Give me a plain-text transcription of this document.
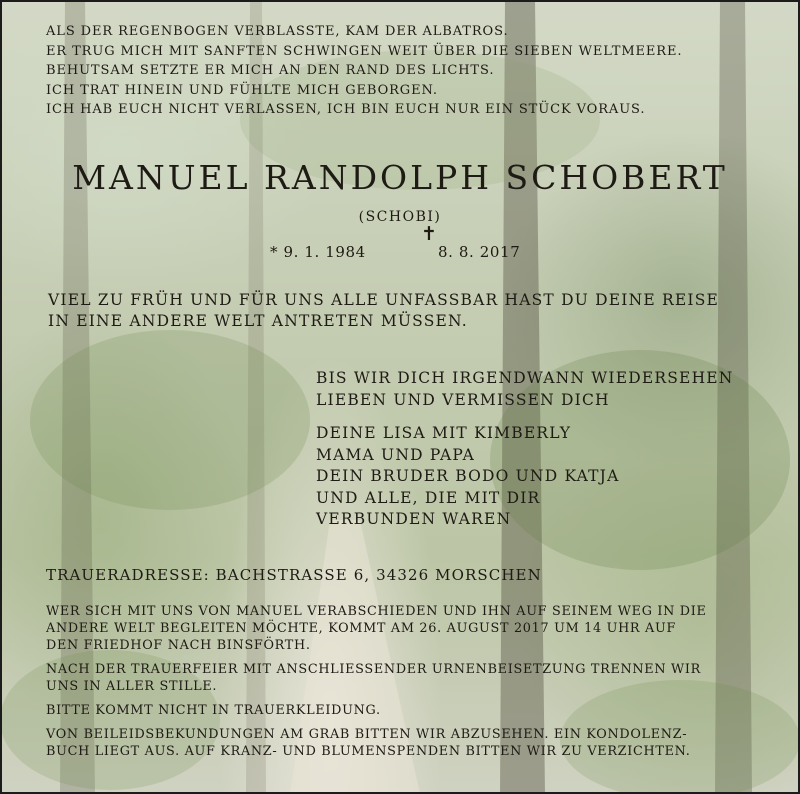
ALS DER REGENBOGEN VERBLASSTE, KAM DER ALBATROS.
ER TRUG MICH MIT SANFTEN SCHWINGEN WEIT ÜBER DIE SIEBEN WELTMEERE.
BEHUTSAM SETZTE ER MICH AN DEN RAND DES LICHTS.
ICH TRAT HINEIN UND FÜHLTE MICH GEBORGEN.
ICH HAB EUCH NICHT VERLASSEN, ICH BIN EUCH NUR EIN STÜCK VORAUS.
MANUEL RANDOLPH SCHOBERT
(SCHOBI)
✝
* 9. 1. 1984	8. 8. 2017
VIEL ZU FRÜH UND FÜR UNS ALLE UNFASSBAR HAST DU DEINE REISE
IN EINE ANDERE WELT ANTRETEN MÜSSEN.
BIS WIR DICH IRGENDWANN WIEDERSEHEN
LIEBEN UND VERMISSEN DICH
DEINE LISA MIT KIMBERLY
MAMA UND PAPA
DEIN BRUDER BODO UND KATJA
UND ALLE, DIE MIT DIR
VERBUNDEN WAREN
TRAUERADRESSE: BACHSTRASSE 6, 34326 MORSCHEN

WER SICH MIT UNS VON MANUEL VERABSCHIEDEN UND IHN AUF SEINEM WEG IN DIE
ANDERE WELT BEGLEITEN MÖCHTE, KOMMT AM 26. AUGUST 2017 UM 14 UHR AUF
DEN FRIEDHOF NACH BINSFÖRTH.

NACH DER TRAUERFEIER MIT ANSCHLIESSENDER URNENBEISETZUNG TRENNEN WIR
UNS IN ALLER STILLE.

BITTE KOMMT NICHT IN TRAUERKLEIDUNG.

VON BEILEIDSBEKUNDUNGEN AM GRAB BITTEN WIR ABZUSEHEN. EIN KONDOLENZ-
BUCH LIEGT AUS. AUF KRANZ- UND BLUMENSPENDEN BITTEN WIR ZU VERZICHTEN.
